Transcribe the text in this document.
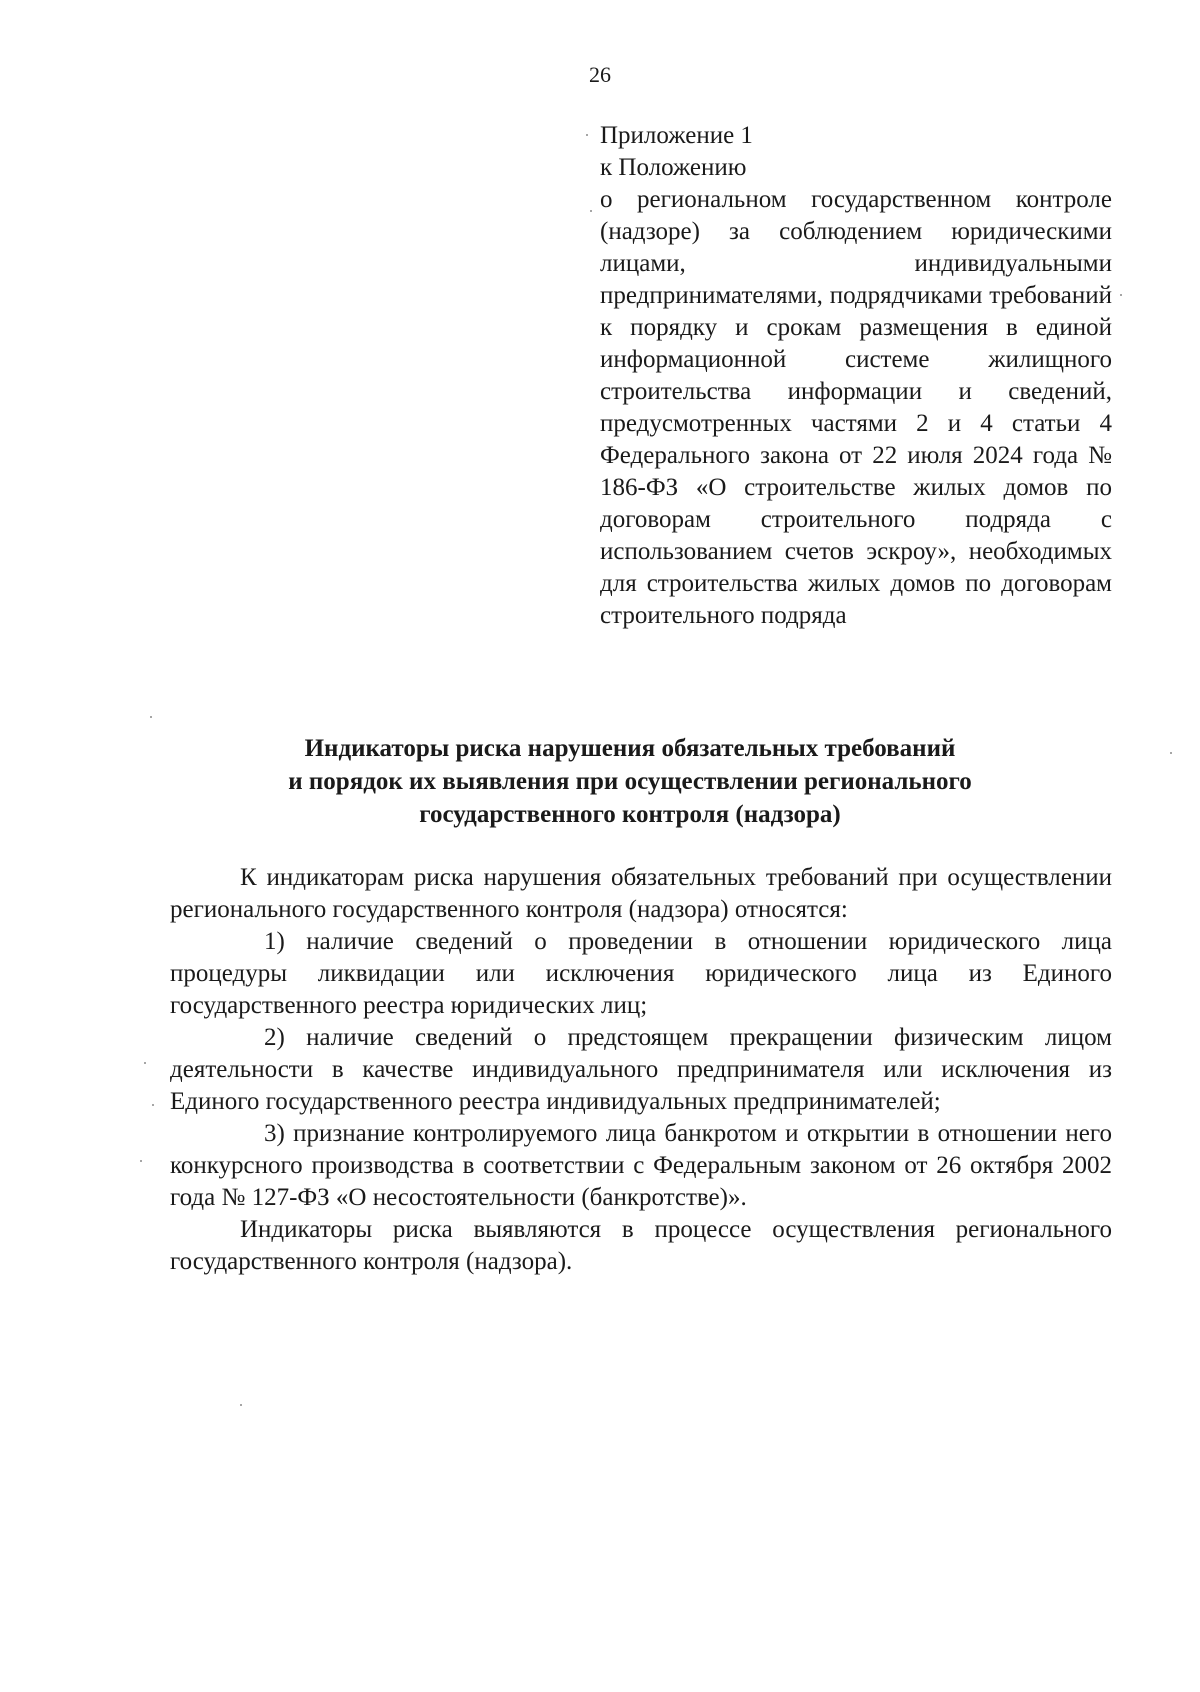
26
Приложение 1
к Положению
о региональном государственном контроле (надзоре) за соблюдением юридическими лицами, индивидуальными предпринимателями, подрядчиками требований к порядку и срокам размещения в единой информационной системе жилищного строительства информации и сведений, предусмотренных частями 2 и 4 статьи 4 Федерального закона от 22 июля 2024 года № 186-ФЗ «О строительстве жилых домов по договорам строительного подряда с использованием счетов эскроу», необходимых для строительства жилых домов по договорам строительного подряда
Индикаторы риска нарушения обязательных требований
и порядок их выявления при осуществлении регионального
государственного контроля (надзора)

К индикаторам риска нарушения обязательных требований при осуществлении регионального государственного контроля (надзора) относятся:

1) наличие сведений о проведении в отношении юридического лица процедуры ликвидации или исключения юридического лица из Единого государственного реестра юридических лиц;

2) наличие сведений о предстоящем прекращении физическим лицом деятельности в качестве индивидуального предпринимателя или исключения из Единого государственного реестра индивидуальных предпринимателей;

3) признание контролируемого лица банкротом и открытии в отношении него конкурсного производства в соответствии с Федеральным законом от 26 октября 2002 года № 127-ФЗ «О несостоятельности (банкротстве)».

Индикаторы риска выявляются в процессе осуществления регионального государственного контроля (надзора).
